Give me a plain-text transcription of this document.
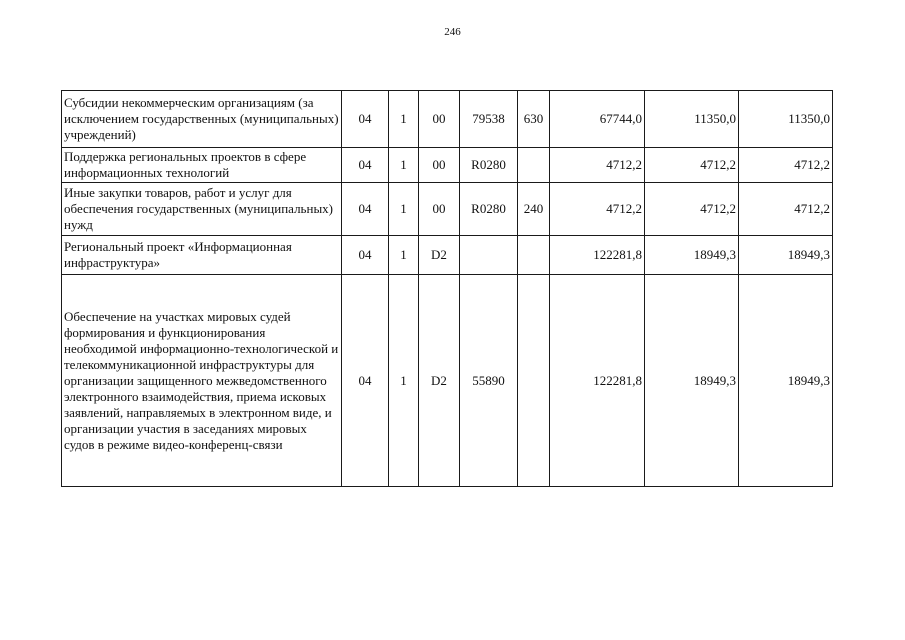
246
Субсидии некоммерческим организациям (за исключением государственных (муниципальных) учреждений)	04	1	00	79538	630	67744,0	11350,0	11350,0
Поддержка региональных проектов в сфере информационных технологий	04	1	00	R0280		4712,2	4712,2	4712,2
Иные закупки товаров, работ и услуг для обеспечения государственных (муниципальных) нужд	04	1	00	R0280	240	4712,2	4712,2	4712,2
Региональный проект «Информационная инфраструктура»	04	1	D2			122281,8	18949,3	18949,3
Обеспечение на участках мировых судей формирования и функционирования необходимой информационно-технологической и телекоммуникационной инфраструктуры для организации защищенного межведомственного электронного взаимодействия, приема исковых заявлений, направляемых в электронном виде, и организации участия в заседаниях мировых судов в режиме видео-конференц-связи	04	1	D2	55890		122281,8	18949,3	18949,3
